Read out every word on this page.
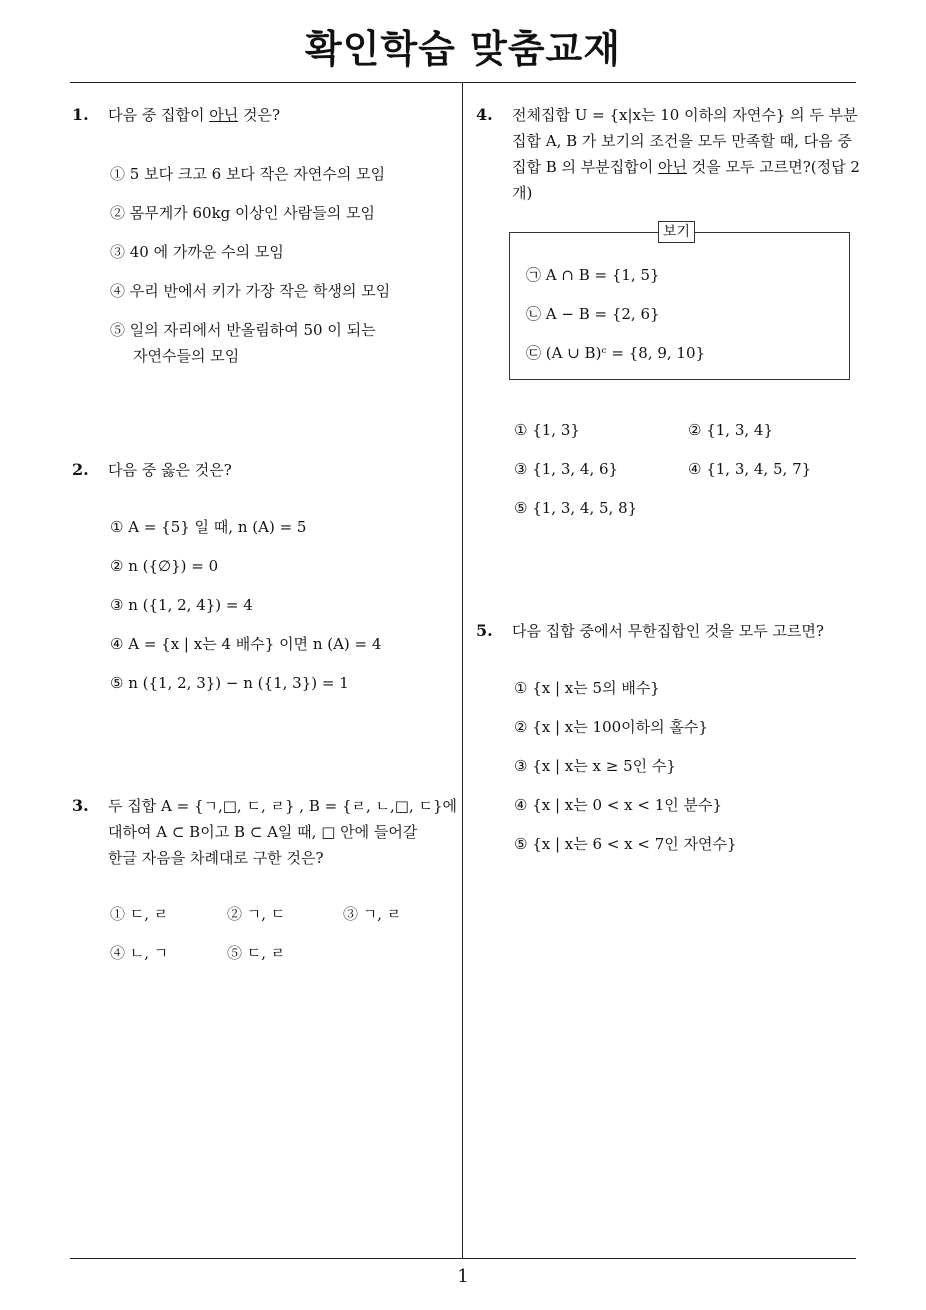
확인학습 맞춤교재
1. 다음 중 집합이 아닌 것은?
① 5 보다 크고 6 보다 작은 자연수의 모임
② 몸무게가 60kg 이상인 사람들의 모임
③ 40 에 가까운 수의 모임
④ 우리 반에서 키가 가장 작은 학생의 모임
⑤ 일의 자리에서 반올림하여 50 이 되는
자연수들의 모임
2. 다음 중 옳은 것은?
① A = {5} 일 때, n (A) = 5
② n ({∅}) = 0
③ n ({1, 2, 4}) = 4
④ A = {x | x는 4 배수} 이면 n (A) = 4
⑤ n ({1, 2, 3}) − n ({1, 3}) = 1
3. 두 집합 A = {ㄱ,□, ㄷ, ㄹ} , B = {ㄹ, ㄴ,□, ㄷ}에
대하여 A ⊂ B이고 B ⊂ A일 때, □ 안에 들어갈
한글 자음을 차례대로 구한 것은?
① ㄷ, ㄹ	② ㄱ, ㄷ	③ ㄱ, ㄹ
④ ㄴ, ㄱ	⑤ ㄷ, ㄹ
4. 전체집합 U = {x|x는 10 이하의 자연수} 의 두 부분
집합 A, B 가 보기의 조건을 모두 만족할 때, 다음 중
집합 B 의 부분집합이 아닌 것을 모두 고르면?(정답 2
개)
보기
㉠ A ∩ B = {1, 5}
㉡ A − B = {2, 6}
㉢ (A ∪ B)ᶜ = {8, 9, 10}
① {1, 3}	② {1, 3, 4}
③ {1, 3, 4, 6}	④ {1, 3, 4, 5, 7}
⑤ {1, 3, 4, 5, 8}
5. 다음 집합 중에서 무한집합인 것을 모두 고르면?
① {x | x는 5의 배수}
② {x | x는 100이하의 홀수}
③ {x | x는 x ≥ 5인 수}
④ {x | x는 0 < x < 1인 분수}
⑤ {x | x는 6 < x < 7인 자연수}
1
